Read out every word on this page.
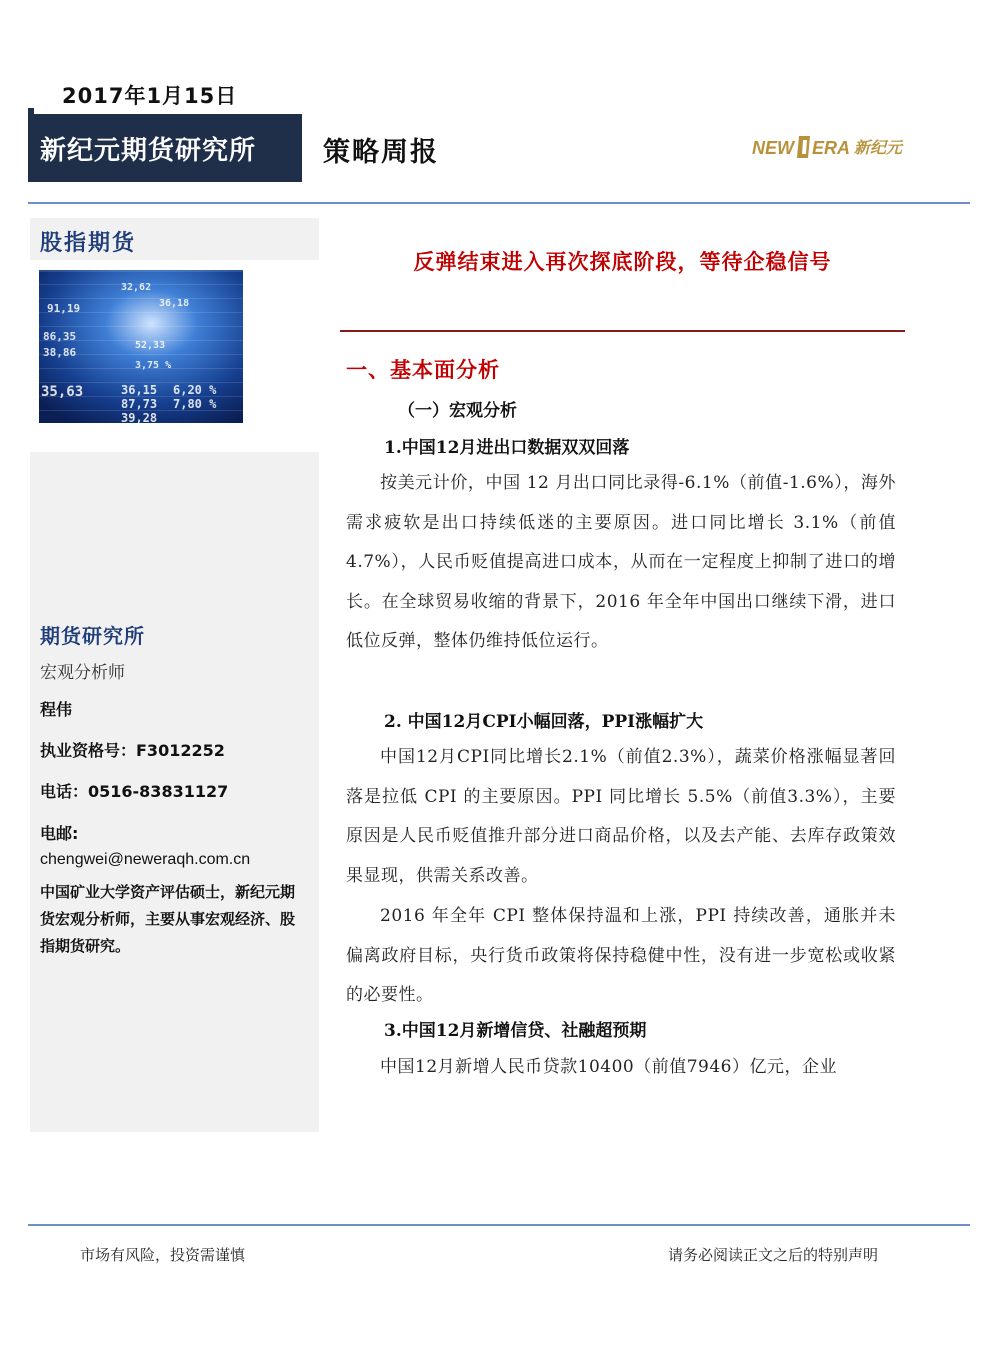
2017年1月15日
新纪元期货研究所 策略周报	NEW ERA 新纪元
股指期货
32,62
91,19	36,18
86,35
38,86
52,33
3,75 %
35,63	36,15 6,20 %
87,73 7,80 %
39,28
期货研究所
宏观分析师
程伟
执业资格号：F3012252
电话：0516-83831127
电邮:
chengwei@neweraqh.com.cn
中国矿业大学资产评估硕士，新纪元期货宏观分析师，主要从事宏观经济、股指期货研究。
反弹结束进入再次探底阶段，等待企稳信号
一、基本面分析
（一）宏观分析
1.中国12月进出口数据双双回落
按美元计价，中国 12 月出口同比录得-6.1%（前值-1.6%），海外需求疲软是出口持续低迷的主要原因。进口同比增长 3.1%（前值 4.7%），人民币贬值提高进口成本，从而在一定程度上抑制了进口的增长。在全球贸易收缩的背景下，2016 年全年中国出口继续下滑，进口低位反弹，整体仍维持低位运行。
2. 中国12月CPI小幅回落，PPI涨幅扩大
中国12月CPI同比增长2.1%（前值2.3%），蔬菜价格涨幅显著回落是拉低 CPI 的主要原因。PPI 同比增长 5.5%（前值3.3%），主要原因是人民币贬值推升部分进口商品价格，以及去产能、去库存政策效果显现，供需关系改善。
2016 年全年 CPI 整体保持温和上涨，PPI 持续改善，通胀并未偏离政府目标，央行货币政策将保持稳健中性，没有进一步宽松或收紧的必要性。
3.中国12月新增信贷、社融超预期
中国12月新增人民币贷款10400（前值7946）亿元，企业
市场有风险，投资需谨慎	请务必阅读正文之后的特别声明
